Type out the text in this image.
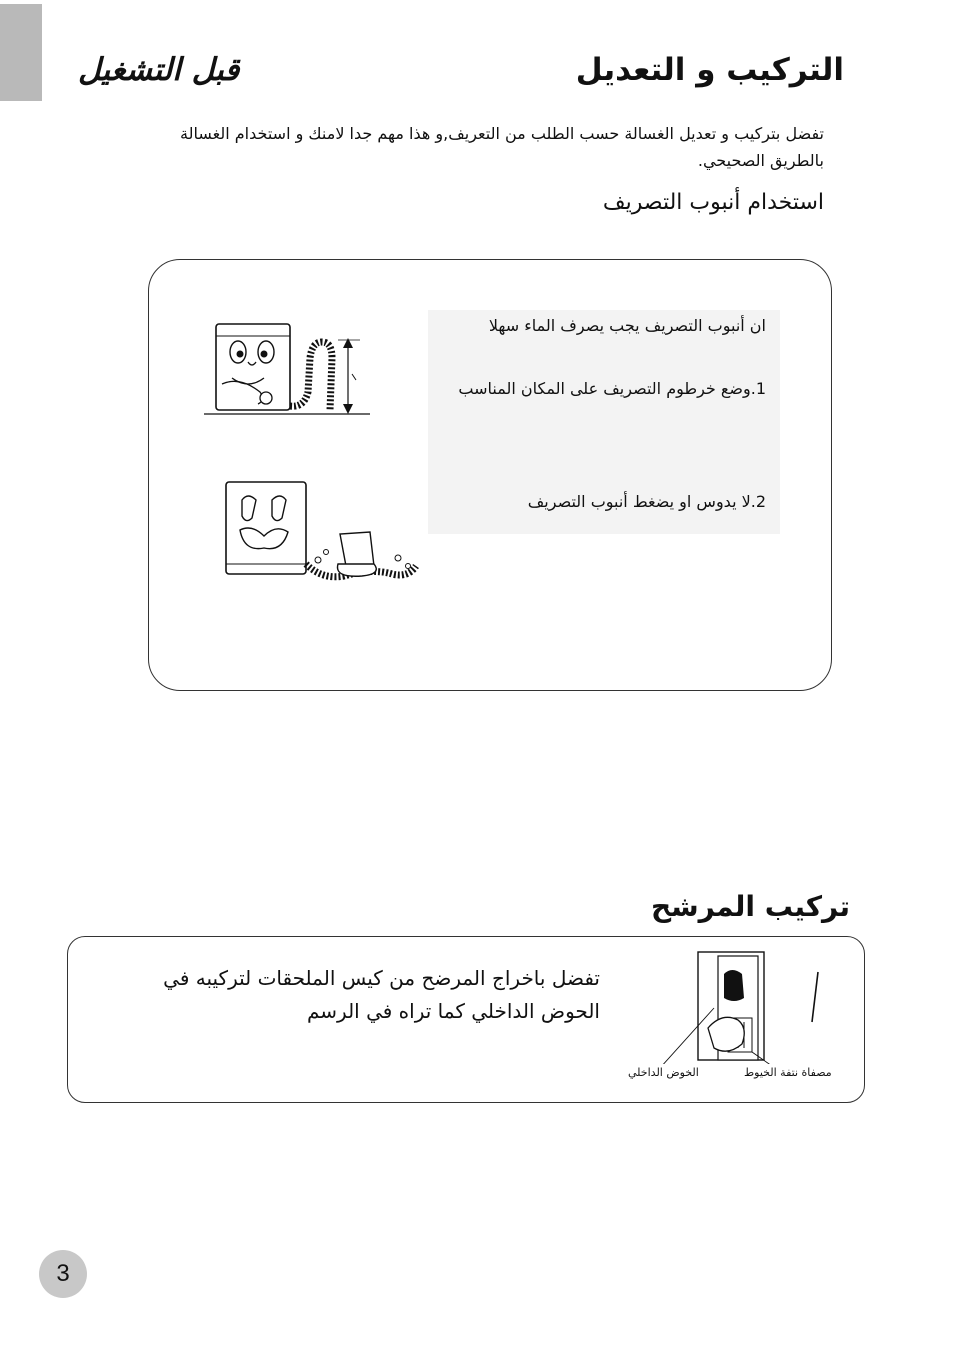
التركيب و التعديل
قبل التشغيل
تفضل بتركيب و تعديل الغسالة حسب الطلب من التعريف,و هذا مهم جدا لامنك و استخدام الغسالة
بالطريق الصحيحي.
استخدام أنبوب التصريف
ان أنبوب التصريف يجب يصرف الماء سهلا
1.وضع خرطوم التصريف على المكان المناسب
2.لا يدوس او يضغط أنبوب التصريف
تركيب المرشح
تفضل باخراج المرضح من كيس الملحقات لتركيبه في
الحوض الداخلي كما تراه في الرسم
مصفاة نتفة الخيوط
الخوض الداخلي
3
